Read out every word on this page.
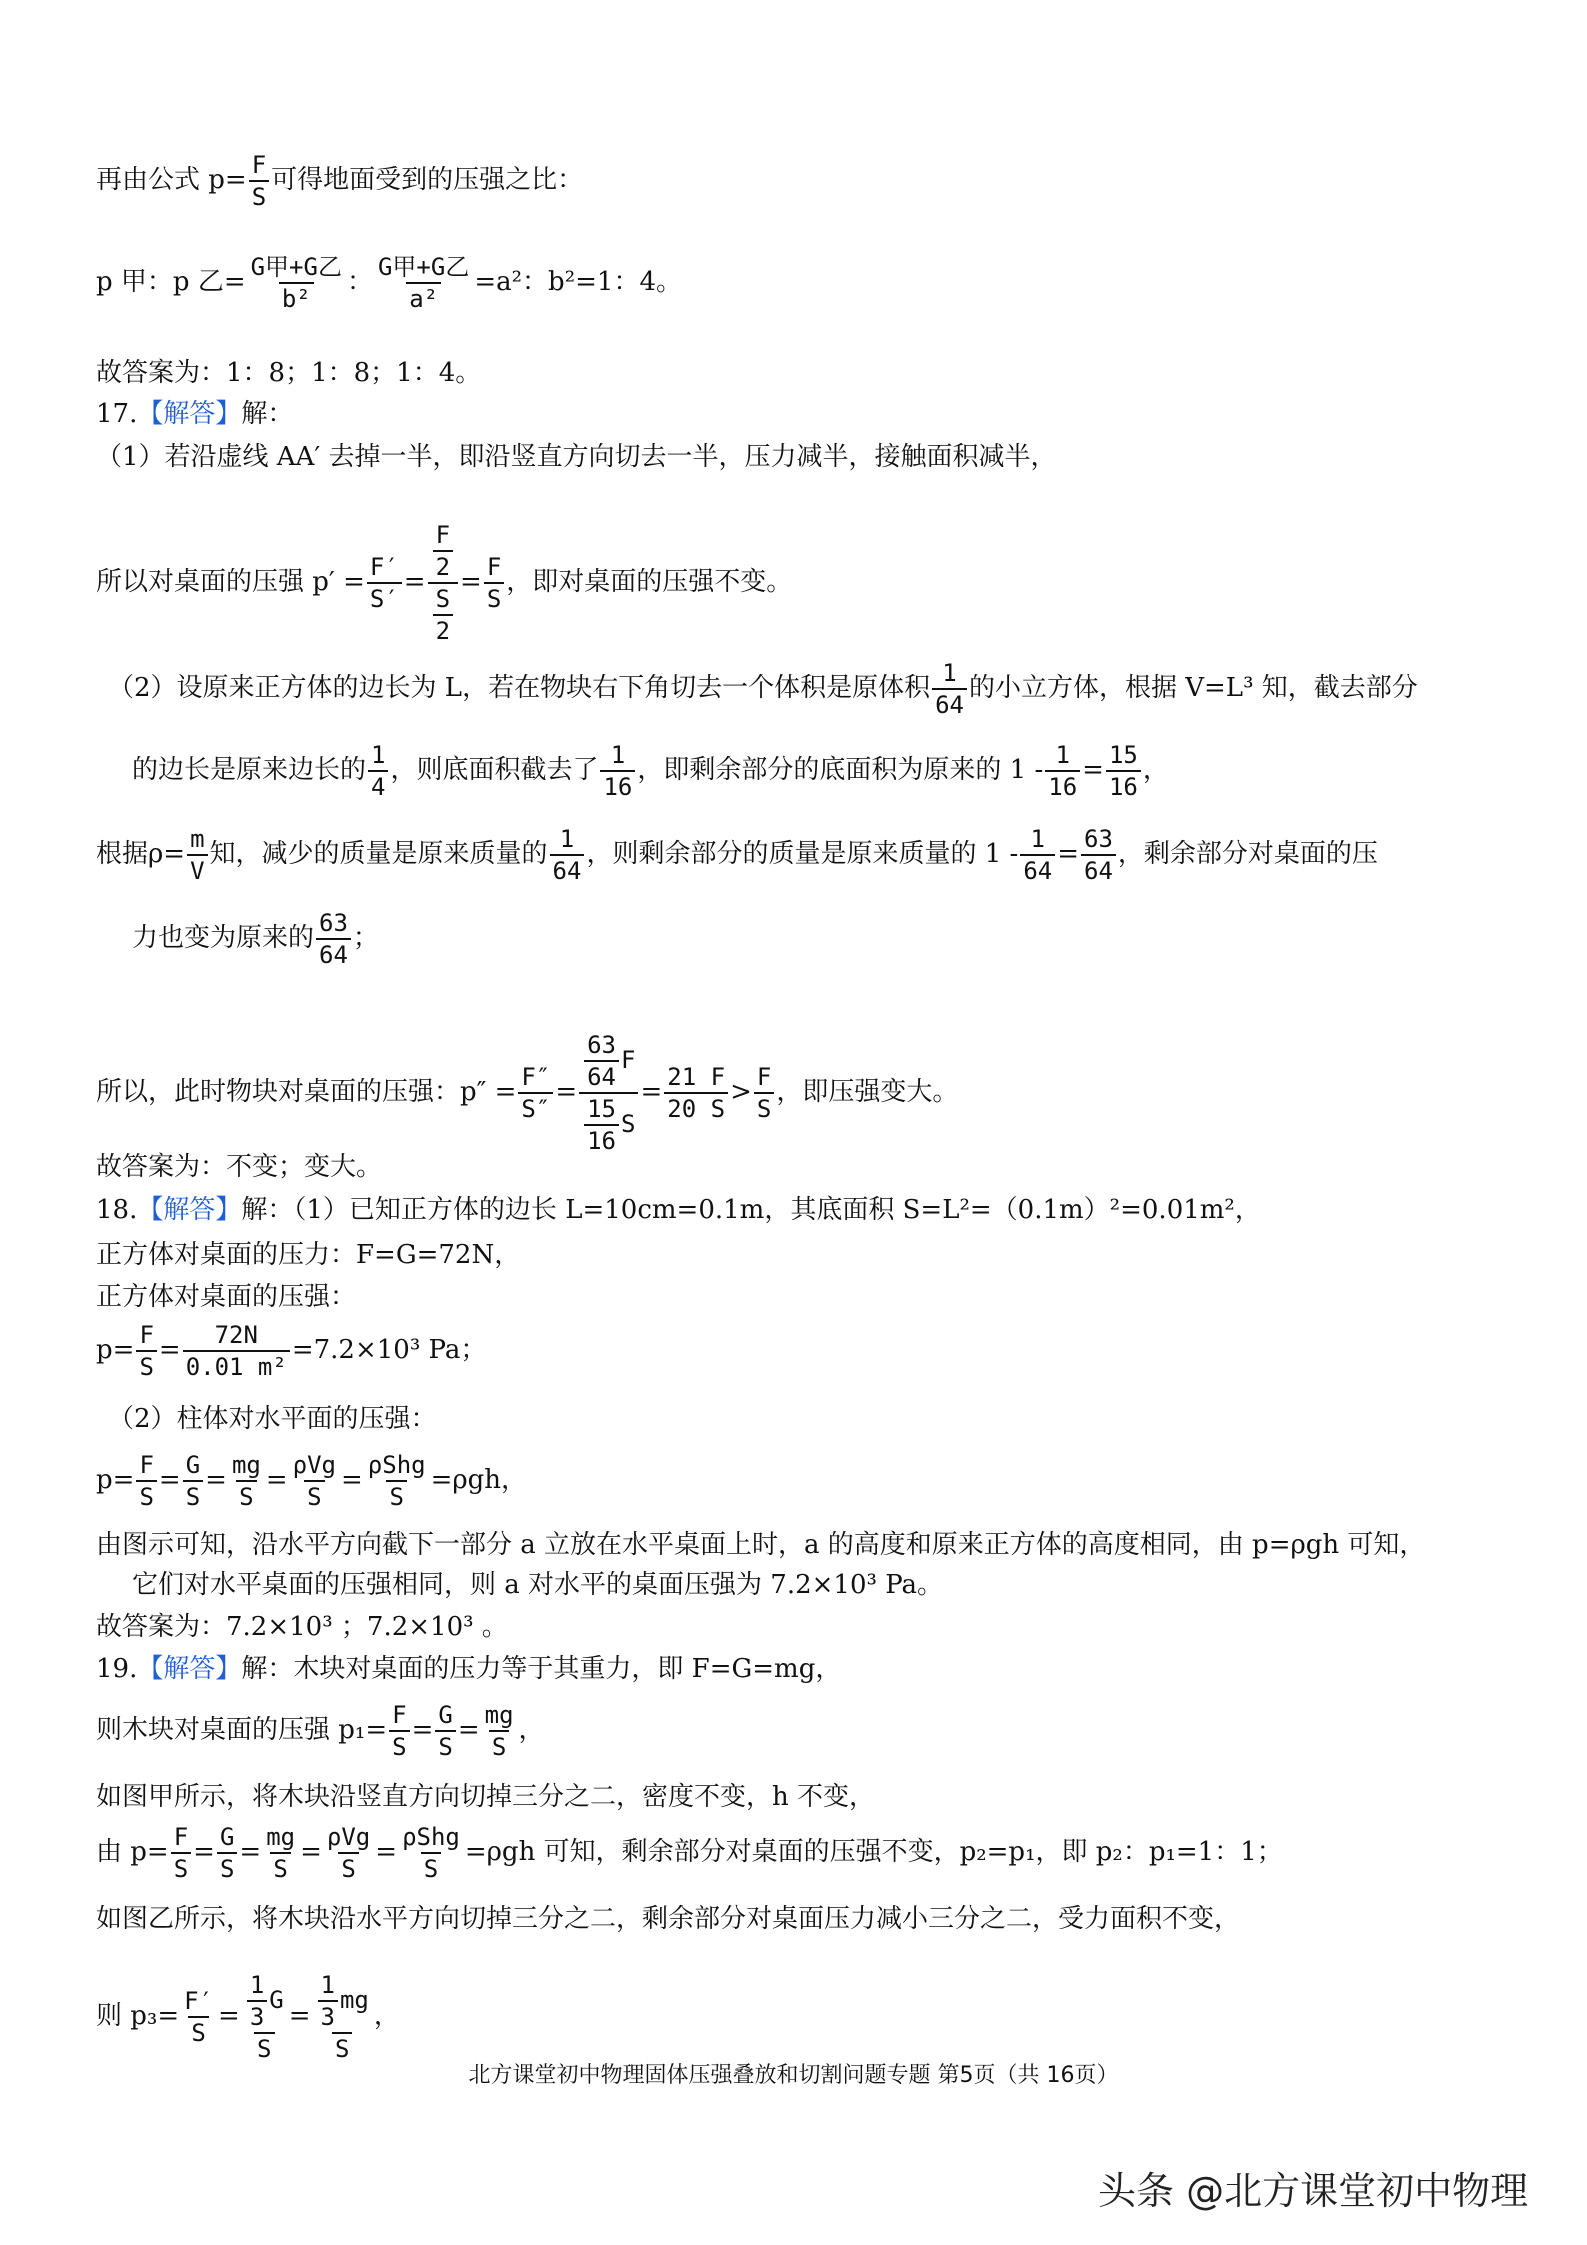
再由公式 $p= \frac{F}{S}$ 可得地面受到的压强之比：
p 甲：p 乙= G甲+G乙
b²
： G甲+G乙
a²
=a²：b²=1：4。
故答案为：1：8；1：8；1：4。
17.【解答】解：
（1）若沿虚线 AA′ 去掉一半，即沿竖直方向切去一半，压力减半，接触面积减半，
所以对桌面的压强 $p' = \frac{F'}{S'} = \frac{\frac{F}{2}}{\frac{S}{2}} = \frac{F}{S}$ ，即对桌面的压强不变。
（2）设原来正方体的边长为 L，若在物块右下角切去一个体积是原体积 $\frac{1}{64}$ 的小立方体，根据 V=L³ 知，截去部分
的边长是原来边长的 $\frac{1}{4}$ ，则底面积截去了 $\frac{1}{16}$ ，即剩余部分的底面积为原来的 $1 - \frac{1}{16} = \frac{15}{16}$ ，
根据$\rho= \frac{m}{V}$ 知，减少的质量是原来质量的 $\frac{1}{64}$ ，则剩余部分的质量是原来质量的 $1 - \frac{1}{64} = \frac{63}{64}$ ，剩余部分对桌面的压
力也变为原来的 $\frac{63}{64}$ ；
所以，此时物块对桌面的压强：$p'' = \frac{F''}{S''} = \frac{\frac{63}{64} F}{\frac{15}{16} S} = \frac{21 F}{20 S} > \frac{F}{S}$ ，即压强变大。
故答案为：不变；变大。
18.【解答】解：（1）已知正方体的边长 L=10cm=0.1m，其底面积 S=L²=（0.1m）²=0.01m²，
正方体对桌面的压力：F=G=72N，
正方体对桌面的压强：
$p= \frac{F}{S} = \frac{72N}{\text{0.01 m²}} =7.2\times 10^3$ Pa；
（2）柱体对水平面的压强：
$p= \frac{F}{S} = \frac{G}{S} = \frac{mg}{S} = \rho Vg$
S
= ρShg
S
=ρgh，
由图示可知，沿水平方向截下一部分 a 立放在水平桌面上时，a 的高度和原来正方体的高度相同，由 p=ρgh 可知，
它们对水平桌面的压强相同，则 a 对水平的桌面压强为 7.2×10³ Pa。
故答案为：7.2×10³ ；7.2×10³ 。
19.【解答】解：木块对桌面的压力等于其重力，即 F=G=mg，
则木块对桌面的压强 $p_1= \frac{F}{S} = \frac{G}{S} = \frac{mg}{S}$ ，
如图甲所示，将木块沿竖直方向切掉三分之二，密度不变，h 不变，
由 $p= \frac{F}{S} = \frac{G}{S} = \frac{mg}{S} = \rho Vg$
S
= ρShg
S
=ρgh 可知，剩余部分对桌面的压强不变，p₂=p₁，即 p₂：p₁=1：1；
如图乙所示，将木块沿水平方向切掉三分之二，剩余部分对桌面压力减小三分之二，受力面积不变，
则 $p_3= \frac{F'}{S} = \frac{\frac{1}{3} G}{S} = \frac{\frac{1}{3} mg}{S}$ ，
北方课堂初中物理固体压强叠放和切割问题专题 第5页（共 16页）
头条 @北方课堂初中物理
